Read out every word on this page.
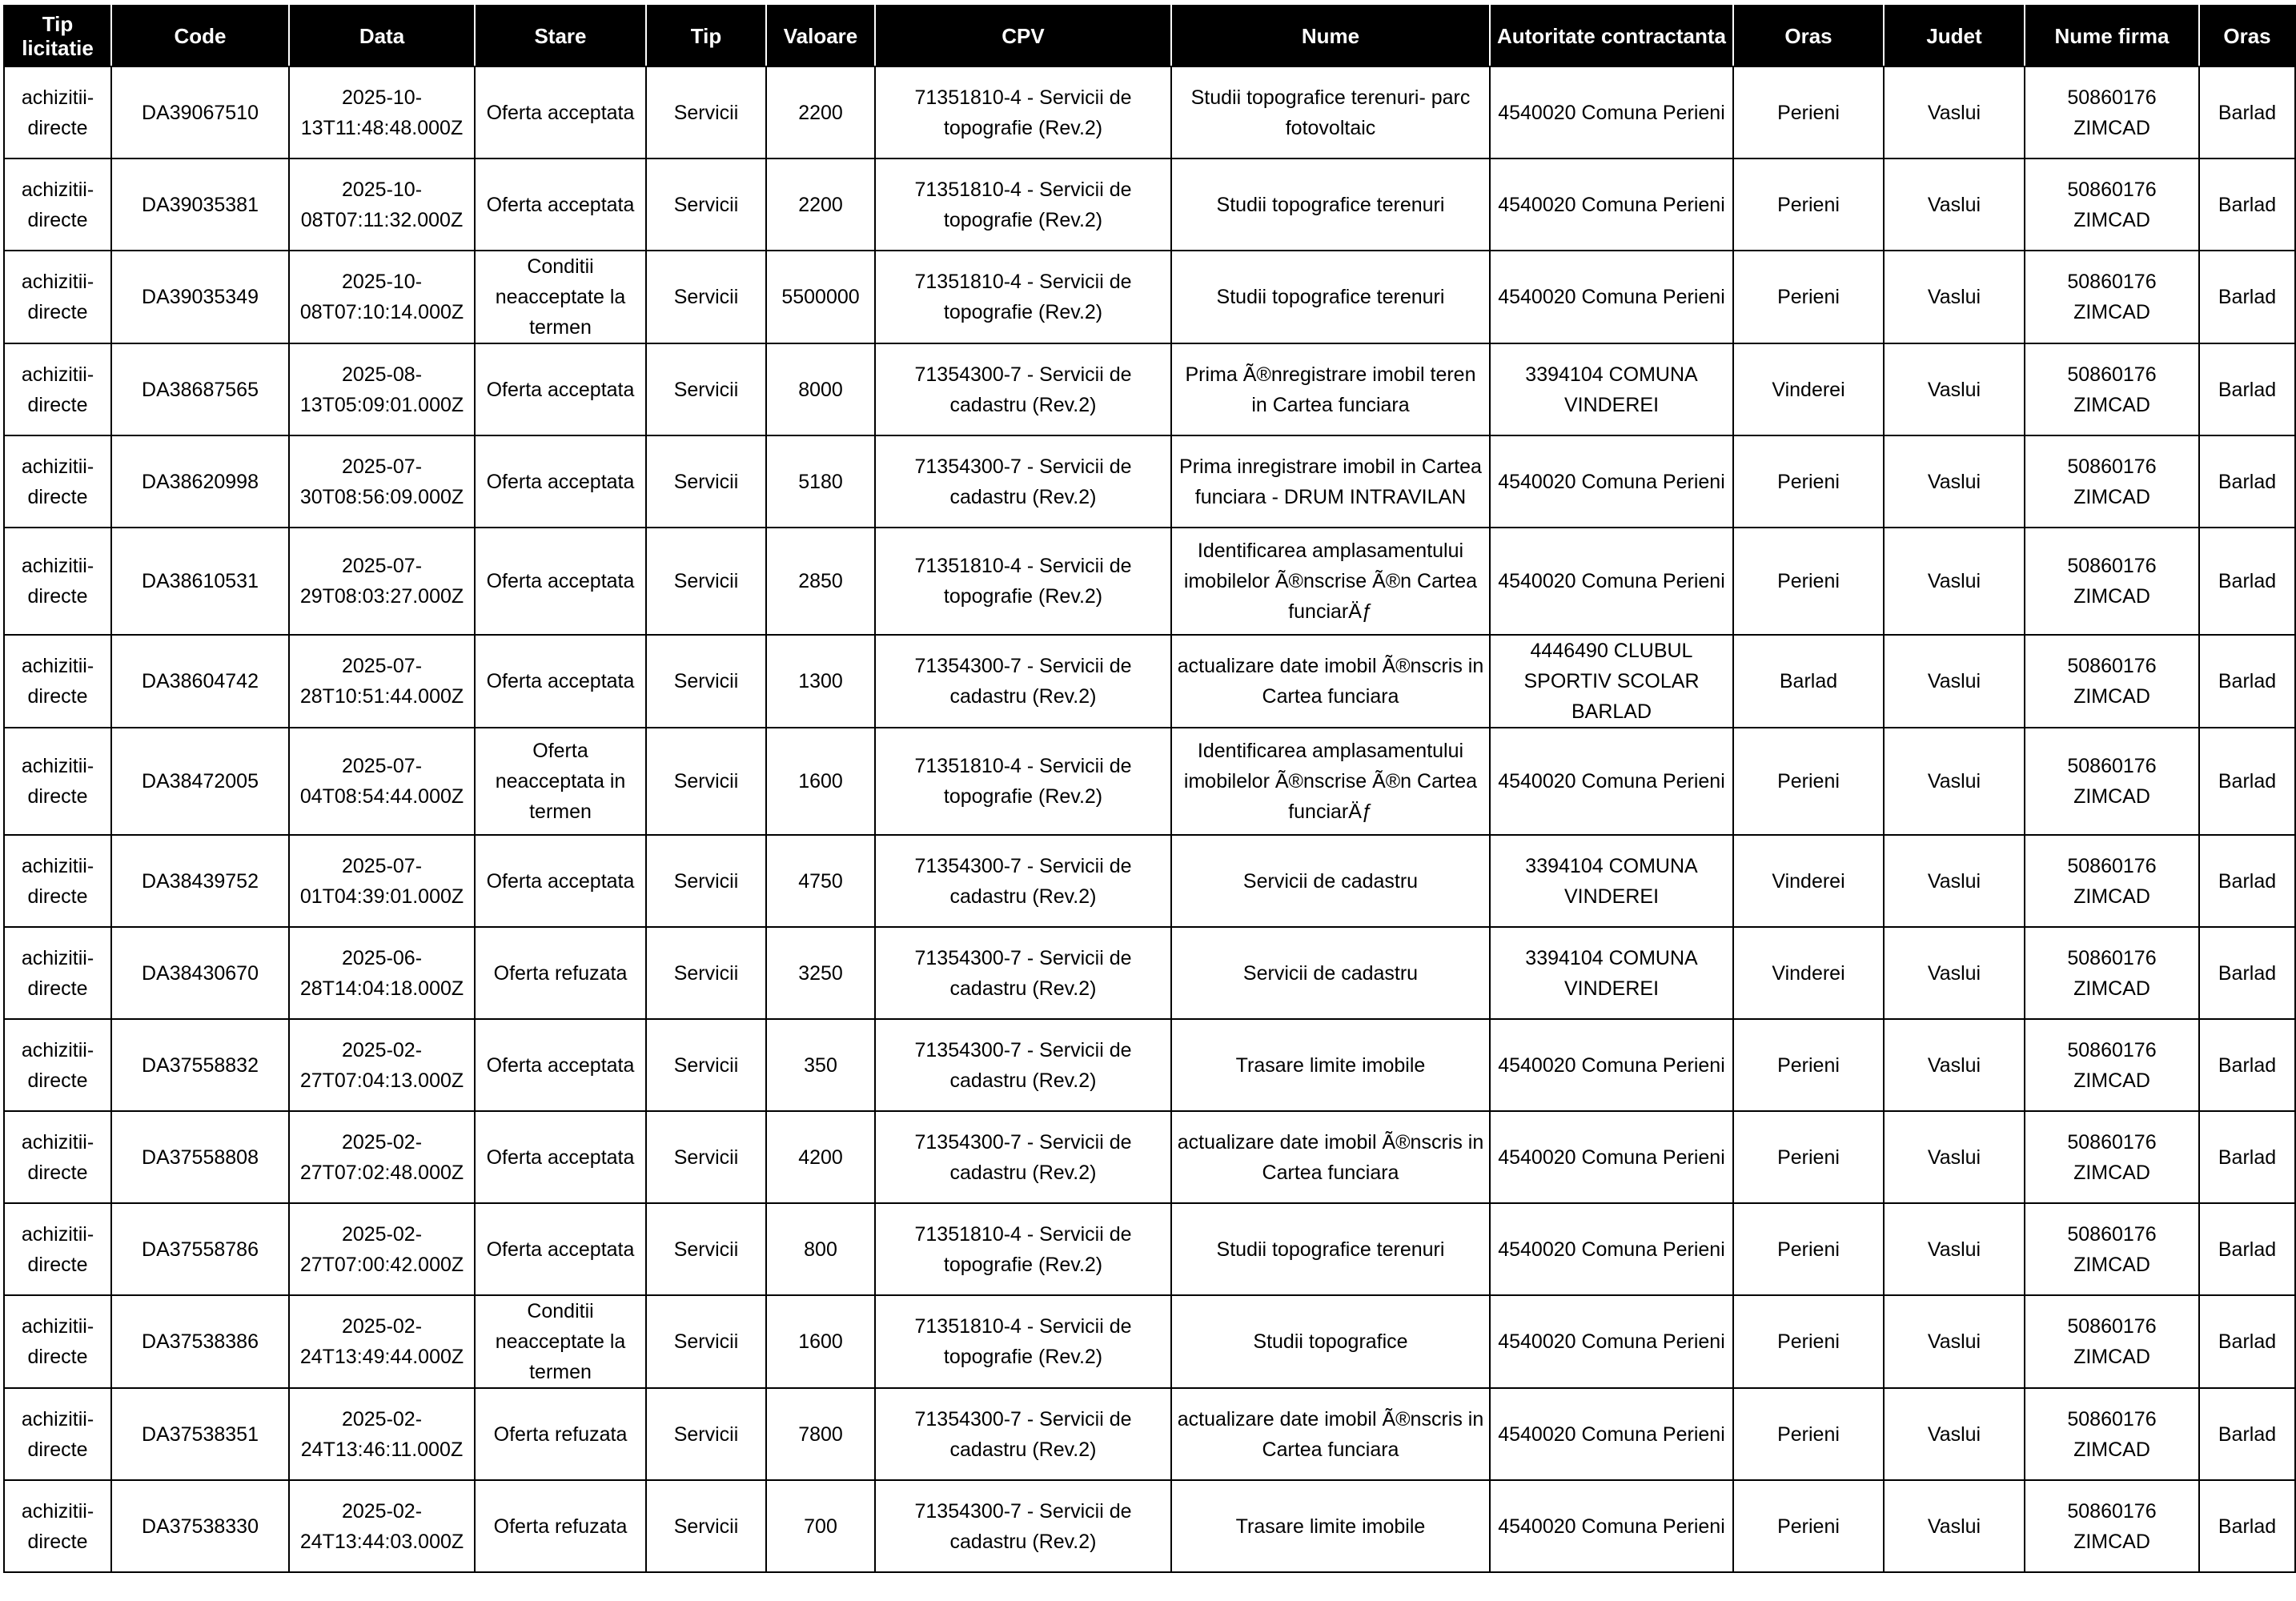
Tip licitatie	Code	Data	Stare	Tip	Valoare	CPV	Nume	Autoritate contractanta	Oras	Judet	Nume firma	Oras
achizitii-directe	DA39067510	2025-10-13T11:48:48.000Z	Oferta acceptata	Servicii	2200	71351810-4 - Servicii de topografie (Rev.2)	Studii topografice terenuri- parc fotovoltaic	4540020 Comuna Perieni	Perieni	Vaslui	50860176 ZIMCAD	Barlad
achizitii-directe	DA39035381	2025-10-08T07:11:32.000Z	Oferta acceptata	Servicii	2200	71351810-4 - Servicii de topografie (Rev.2)	Studii topografice terenuri	4540020 Comuna Perieni	Perieni	Vaslui	50860176 ZIMCAD	Barlad
achizitii-directe	DA39035349	2025-10-08T07:10:14.000Z	Conditii neacceptate la termen	Servicii	5500000	71351810-4 - Servicii de topografie (Rev.2)	Studii topografice terenuri	4540020 Comuna Perieni	Perieni	Vaslui	50860176 ZIMCAD	Barlad
achizitii-directe	DA38687565	2025-08-13T05:09:01.000Z	Oferta acceptata	Servicii	8000	71354300-7 - Servicii de cadastru (Rev.2)	Prima Ã®nregistrare imobil teren in Cartea funciara	3394104 COMUNA VINDEREI	Vinderei	Vaslui	50860176 ZIMCAD	Barlad
achizitii-directe	DA38620998	2025-07-30T08:56:09.000Z	Oferta acceptata	Servicii	5180	71354300-7 - Servicii de cadastru (Rev.2)	Prima inregistrare imobil in Cartea funciara - DRUM INTRAVILAN	4540020 Comuna Perieni	Perieni	Vaslui	50860176 ZIMCAD	Barlad
achizitii-directe	DA38610531	2025-07-29T08:03:27.000Z	Oferta acceptata	Servicii	2850	71351810-4 - Servicii de topografie (Rev.2)	Identificarea amplasamentului imobilelor Ã®nscrise Ã®n Cartea funciarÄƒ	4540020 Comuna Perieni	Perieni	Vaslui	50860176 ZIMCAD	Barlad
achizitii-directe	DA38604742	2025-07-28T10:51:44.000Z	Oferta acceptata	Servicii	1300	71354300-7 - Servicii de cadastru (Rev.2)	actualizare date imobil Ã®nscris in Cartea funciara	4446490 CLUBUL SPORTIV SCOLAR BARLAD	Barlad	Vaslui	50860176 ZIMCAD	Barlad
achizitii-directe	DA38472005	2025-07-04T08:54:44.000Z	Oferta neacceptata in termen	Servicii	1600	71351810-4 - Servicii de topografie (Rev.2)	Identificarea amplasamentului imobilelor Ã®nscrise Ã®n Cartea funciarÄƒ	4540020 Comuna Perieni	Perieni	Vaslui	50860176 ZIMCAD	Barlad
achizitii-directe	DA38439752	2025-07-01T04:39:01.000Z	Oferta acceptata	Servicii	4750	71354300-7 - Servicii de cadastru (Rev.2)	Servicii de cadastru	3394104 COMUNA VINDEREI	Vinderei	Vaslui	50860176 ZIMCAD	Barlad
achizitii-directe	DA38430670	2025-06-28T14:04:18.000Z	Oferta refuzata	Servicii	3250	71354300-7 - Servicii de cadastru (Rev.2)	Servicii de cadastru	3394104 COMUNA VINDEREI	Vinderei	Vaslui	50860176 ZIMCAD	Barlad
achizitii-directe	DA37558832	2025-02-27T07:04:13.000Z	Oferta acceptata	Servicii	350	71354300-7 - Servicii de cadastru (Rev.2)	Trasare limite imobile	4540020 Comuna Perieni	Perieni	Vaslui	50860176 ZIMCAD	Barlad
achizitii-directe	DA37558808	2025-02-27T07:02:48.000Z	Oferta acceptata	Servicii	4200	71354300-7 - Servicii de cadastru (Rev.2)	actualizare date imobil Ã®nscris in Cartea funciara	4540020 Comuna Perieni	Perieni	Vaslui	50860176 ZIMCAD	Barlad
achizitii-directe	DA37558786	2025-02-27T07:00:42.000Z	Oferta acceptata	Servicii	800	71351810-4 - Servicii de topografie (Rev.2)	Studii topografice terenuri	4540020 Comuna Perieni	Perieni	Vaslui	50860176 ZIMCAD	Barlad
achizitii-directe	DA37538386	2025-02-24T13:49:44.000Z	Conditii neacceptate la termen	Servicii	1600	71351810-4 - Servicii de topografie (Rev.2)	Studii topografice	4540020 Comuna Perieni	Perieni	Vaslui	50860176 ZIMCAD	Barlad
achizitii-directe	DA37538351	2025-02-24T13:46:11.000Z	Oferta refuzata	Servicii	7800	71354300-7 - Servicii de cadastru (Rev.2)	actualizare date imobil Ã®nscris in Cartea funciara	4540020 Comuna Perieni	Perieni	Vaslui	50860176 ZIMCAD	Barlad
achizitii-directe	DA37538330	2025-02-24T13:44:03.000Z	Oferta refuzata	Servicii	700	71354300-7 - Servicii de cadastru (Rev.2)	Trasare limite imobile	4540020 Comuna Perieni	Perieni	Vaslui	50860176 ZIMCAD	Barlad
